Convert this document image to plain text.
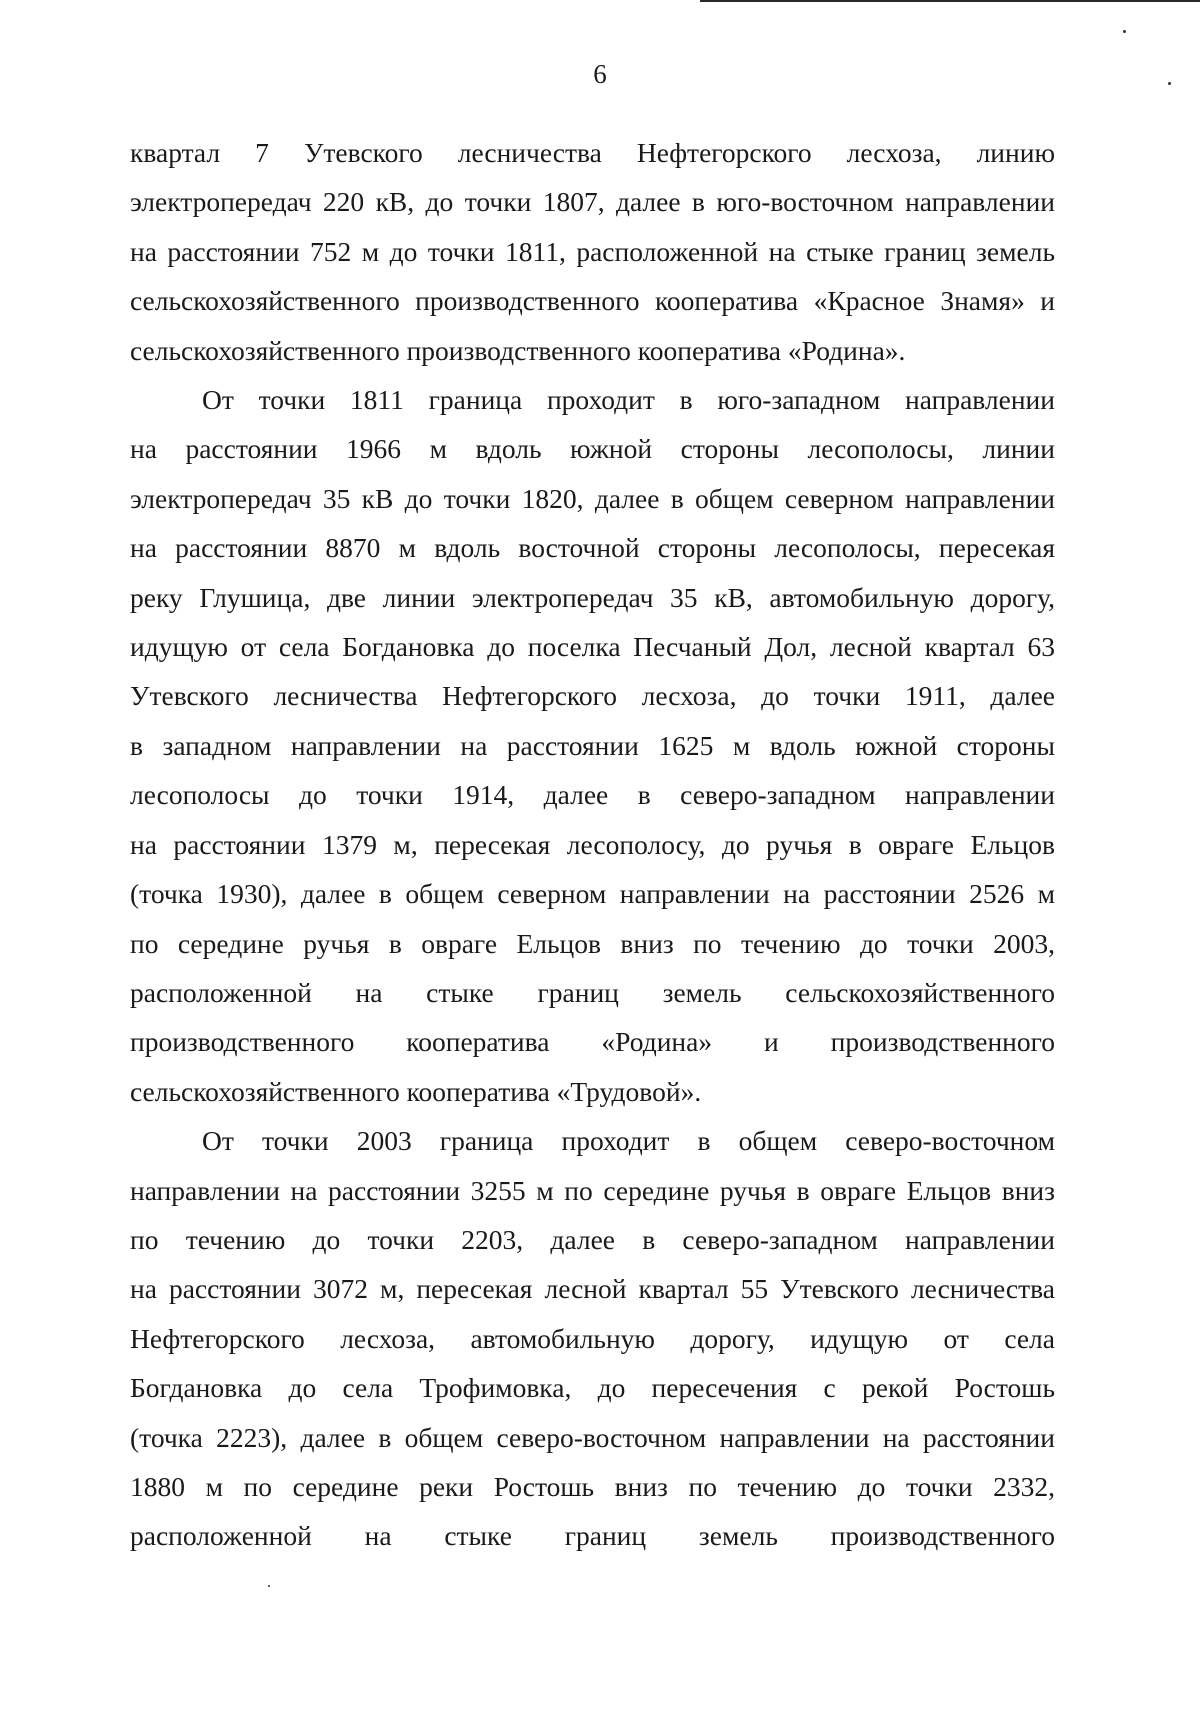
6

квартал 7 Утевского лесничества Нефтегорского лесхоза, линию
электропередач 220 кВ, до точки 1807, далее в юго-восточном направлении
на расстоянии 752 м до точки 1811, расположенной на стыке границ земель
сельскохозяйственного производственного кооператива «Красное Знамя» и
сельскохозяйственного производственного кооператива «Родина».

От точки 1811 граница проходит в юго-западном направлении
на расстоянии 1966 м вдоль южной стороны лесополосы, линии
электропередач 35 кВ до точки 1820, далее в общем северном направлении
на расстоянии 8870 м вдоль восточной стороны лесополосы, пересекая
реку Глушица, две линии электропередач 35 кВ, автомобильную дорогу,
идущую от села Богдановка до поселка Песчаный Дол, лесной квартал 63
Утевского лесничества Нефтегорского лесхоза, до точки 1911, далее
в западном направлении на расстоянии 1625 м вдоль южной стороны
лесополосы до точки 1914, далее в северо-западном направлении
на расстоянии 1379 м, пересекая лесополосу, до ручья в овраге Ельцов
(точка 1930), далее в общем северном направлении на расстоянии 2526 м
по середине ручья в овраге Ельцов вниз по течению до точки 2003,
расположенной на стыке границ земель сельскохозяйственного
производственного кооператива «Родина» и производственного
сельскохозяйственного кооператива «Трудовой».

От точки 2003 граница проходит в общем северо-восточном
направлении на расстоянии 3255 м по середине ручья в овраге Ельцов вниз
по течению до точки 2203, далее в северо-западном направлении
на расстоянии 3072 м, пересекая лесной квартал 55 Утевского лесничества
Нефтегорского лесхоза, автомобильную дорогу, идущую от села
Богдановка до села Трофимовка, до пересечения с рекой Ростошь
(точка 2223), далее в общем северо-восточном направлении на расстоянии
1880 м по середине реки Ростошь вниз по течению до точки 2332,
расположенной на стыке границ земель производственного
